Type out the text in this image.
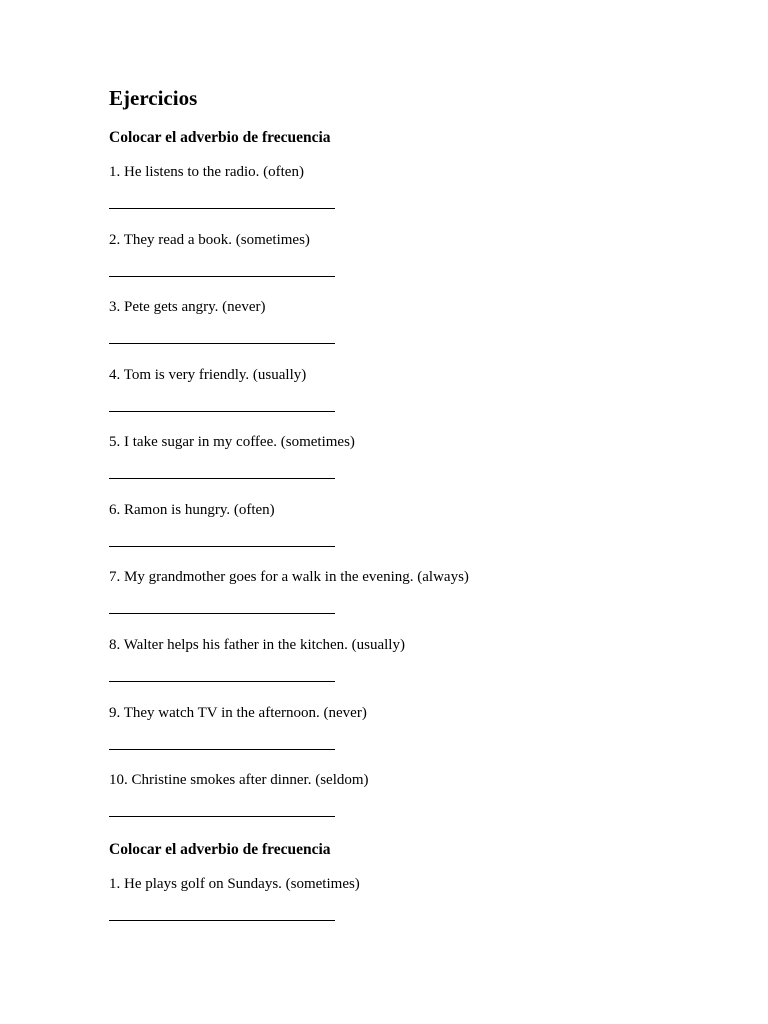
Ejercicios
Colocar el adverbio de frecuencia
1. He listens to the radio. (often)
2. They read a book. (sometimes)
3. Pete gets angry. (never)
4. Tom is very friendly. (usually)
5. I take sugar in my coffee. (sometimes)
6. Ramon is hungry. (often)
7. My grandmother goes for a walk in the evening. (always)
8. Walter helps his father in the kitchen. (usually)
9. They watch TV in the afternoon. (never)
10. Christine smokes after dinner. (seldom)
Colocar el adverbio de frecuencia
1. He plays golf on Sundays. (sometimes)
